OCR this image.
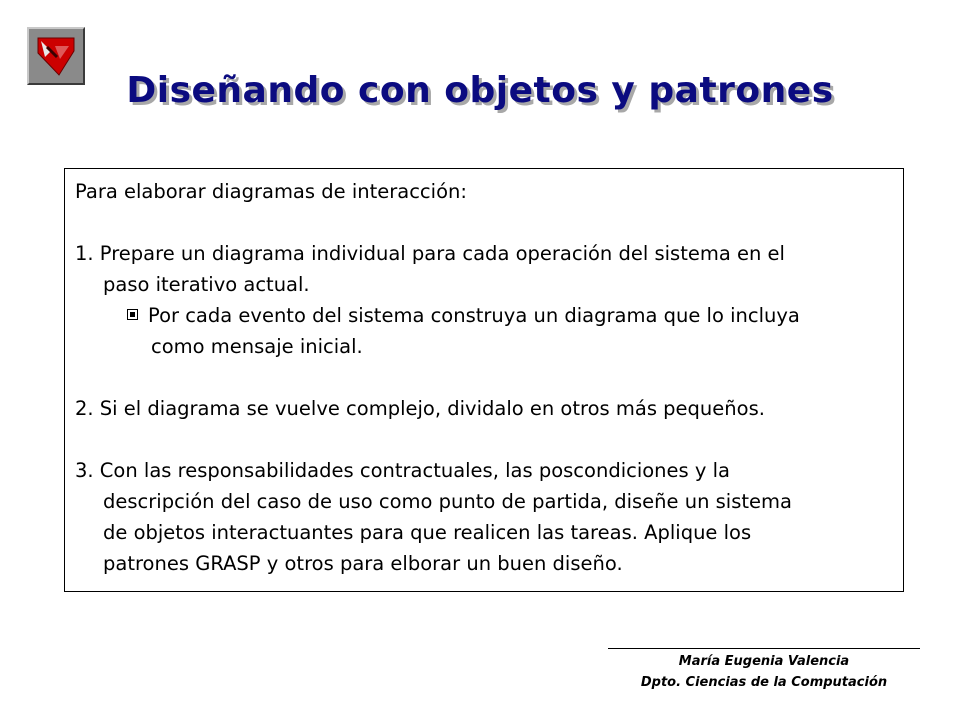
Diseñando con objetos y patrones

Para elaborar diagramas de interacción:

1. Prepare un diagrama individual para cada operación del sistema en el

paso iterativo actual.

Por cada evento del sistema construya un diagrama que lo incluya

como mensaje inicial.

2. Si el diagrama se vuelve complejo, dividalo en otros más pequeños.

3. Con las responsabilidades contractuales, las poscondiciones y la

descripción del caso de uso como punto de partida, diseñe un sistema

de objetos interactuantes para que realicen las tareas. Aplique los

patrones GRASP y otros para elborar un buen diseño.

María Eugenia Valencia
Dpto. Ciencias de la Computación
